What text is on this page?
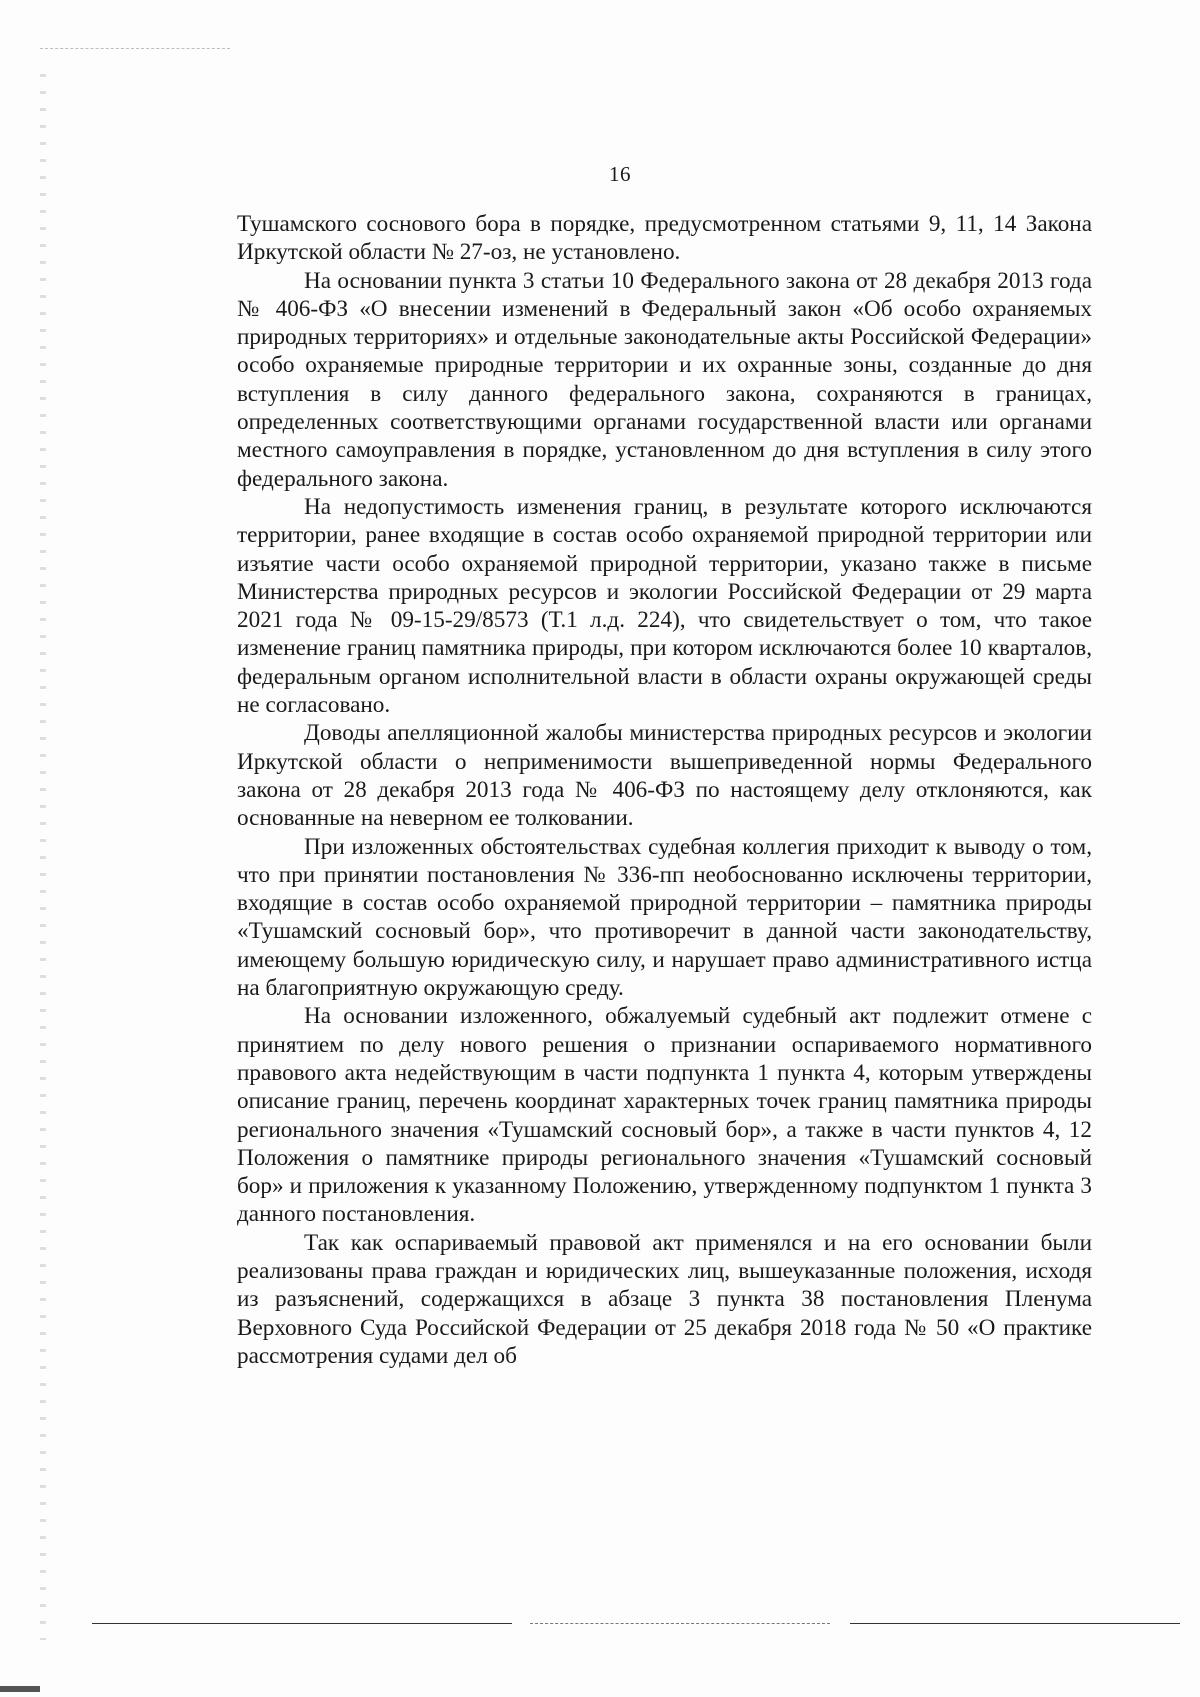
16

Тушамского соснового бора в порядке, предусмотренном статьями 9, 11, 14 Закона Иркутской области № 27-оз, не установлено.

На основании пункта 3 статьи 10 Федерального закона от 28 декабря 2013 года № 406-ФЗ «О внесении изменений в Федеральный закон «Об особо охраняемых природных территориях» и отдельные законодательные акты Российской Федерации» особо охраняемые природные территории и их охранные зоны, созданные до дня вступления в силу данного федерального закона, сохраняются в границах, определенных соответствующими органами государственной власти или органами местного самоуправления в порядке, установленном до дня вступления в силу этого федерального закона.

На недопустимость изменения границ, в результате которого исключаются территории, ранее входящие в состав особо охраняемой природной территории или изъятие части особо охраняемой природной территории, указано также в письме Министерства природных ресурсов и экологии Российской Федерации от 29 марта 2021 года № 09-15-29/8573 (Т.1 л.д. 224), что свидетельствует о том, что такое изменение границ памятника природы, при котором исключаются более 10 кварталов, федеральным органом исполнительной власти в области охраны окружающей среды не согласовано.

Доводы апелляционной жалобы министерства природных ресурсов и экологии Иркутской области о неприменимости вышеприведенной нормы Федерального закона от 28 декабря 2013 года № 406-ФЗ по настоящему делу отклоняются, как основанные на неверном ее толковании.

При изложенных обстоятельствах судебная коллегия приходит к выводу о том, что при принятии постановления № 336-пп необоснованно исключены территории, входящие в состав особо охраняемой природной территории – памятника природы «Тушамский сосновый бор», что противоречит в данной части законодательству, имеющему большую юридическую силу, и нарушает право административного истца на благоприятную окружающую среду.

На основании изложенного, обжалуемый судебный акт подлежит отмене с принятием по делу нового решения о признании оспариваемого нормативного правового акта недействующим в части подпункта 1 пункта 4, которым утверждены описание границ, перечень координат характерных точек границ памятника природы регионального значения «Тушамский сосновый бор», а также в части пунктов 4, 12 Положения о памятнике природы регионального значения «Тушамский сосновый бор» и приложения к указанному Положению, утвержденному подпунктом 1 пункта 3 данного постановления.

Так как оспариваемый правовой акт применялся и на его основании были реализованы права граждан и юридических лиц, вышеуказанные положения, исходя из разъяснений, содержащихся в абзаце 3 пункта 38 постановления Пленума Верховного Суда Российской Федерации от 25 декабря 2018 года № 50 «О практике рассмотрения судами дел об
